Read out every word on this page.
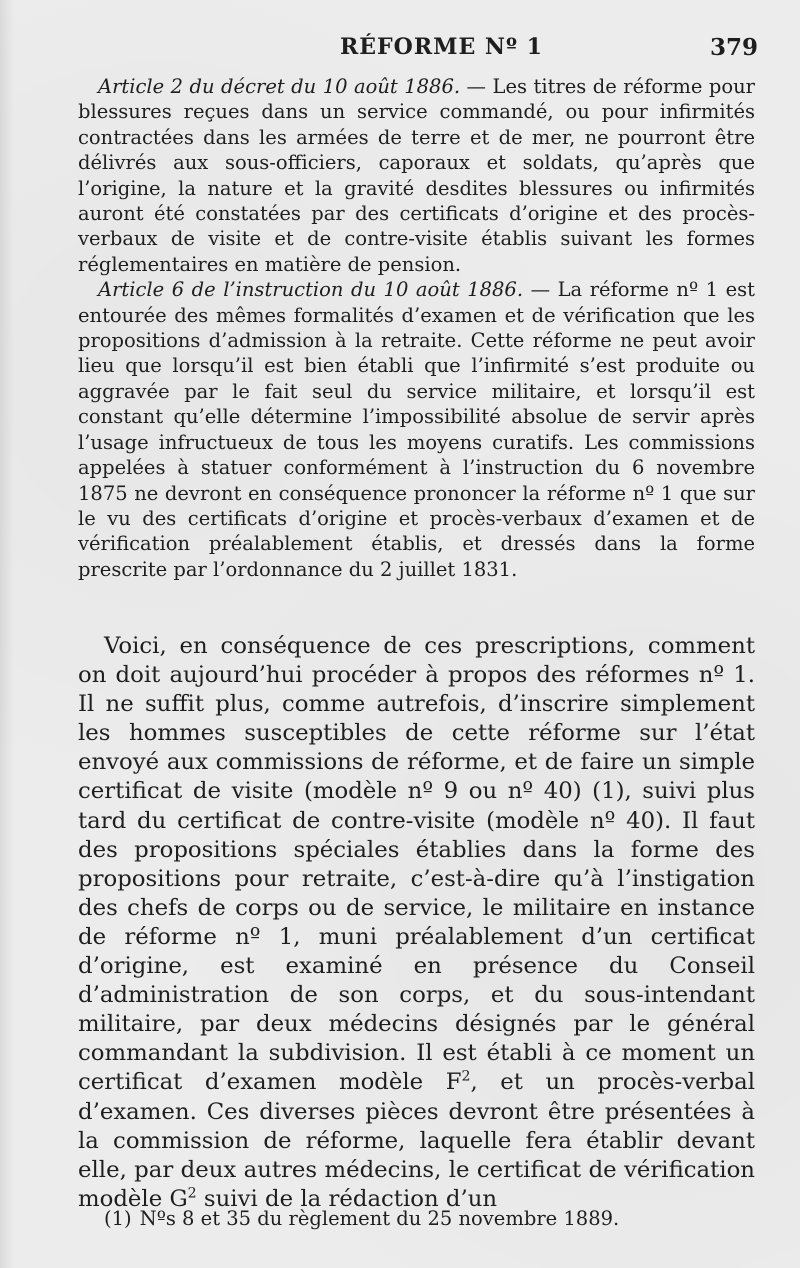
RÉFORME Nº 1	379

Article 2 du décret du 10 août 1886. — Les titres de réforme pour blessures reçues dans un service commandé, ou pour infirmités contractées dans les armées de terre et de mer, ne pourront être délivrés aux sous-officiers, caporaux et soldats, qu’après que l’origine, la nature et la gravité desdites blessures ou infirmités auront été constatées par des certificats d’origine et des procès-verbaux de visite et de contre-visite établis suivant les formes réglementaires en matière de pension.

Article 6 de l’instruction du 10 août 1886. — La réforme nº 1 est entourée des mêmes formalités d’examen et de vérification que les propositions d’admission à la retraite. Cette réforme ne peut avoir lieu que lorsqu’il est bien établi que l’infirmité s’est produite ou aggravée par le fait seul du service militaire, et lorsqu’il est constant qu’elle détermine l’impossibilité absolue de servir après l’usage infructueux de tous les moyens curatifs. Les commissions appelées à statuer conformément à l’instruction du 6 novembre 1875 ne devront en conséquence prononcer la réforme nº 1 que sur le vu des certificats d’origine et procès-verbaux d’examen et de vérification préalablement établis, et dressés dans la forme prescrite par l’ordonnance du 2 juillet 1831.

Voici, en conséquence de ces prescriptions, comment on doit aujourd’hui procéder à propos des réformes nº 1. Il ne suffit plus, comme autrefois, d’inscrire simplement les hommes susceptibles de cette réforme sur l’état envoyé aux commissions de réforme, et de faire un simple certificat de visite (modèle nº 9 ou nº 40) (1), suivi plus tard du certificat de contre-visite (modèle nº 40). Il faut des propositions spéciales établies dans la forme des propositions pour retraite, c’est-à-dire qu’à l’instigation des chefs de corps ou de service, le militaire en instance de réforme nº 1, muni préalablement d’un certificat d’origine, est examiné en présence du Conseil d’administration de son corps, et du sous-intendant militaire, par deux médecins désignés par le général commandant la subdivision. Il est établi à ce moment un certificat d’examen modèle $F^2$, et un procès-verbal d’examen. Ces diverses pièces devront être présentées à la commission de réforme, laquelle fera établir devant elle, par deux autres médecins, le certificat de vérification modèle $G^2$ suivi de la rédaction d’un

(1) Nºs 8 et 35 du règlement du 25 novembre 1889.
